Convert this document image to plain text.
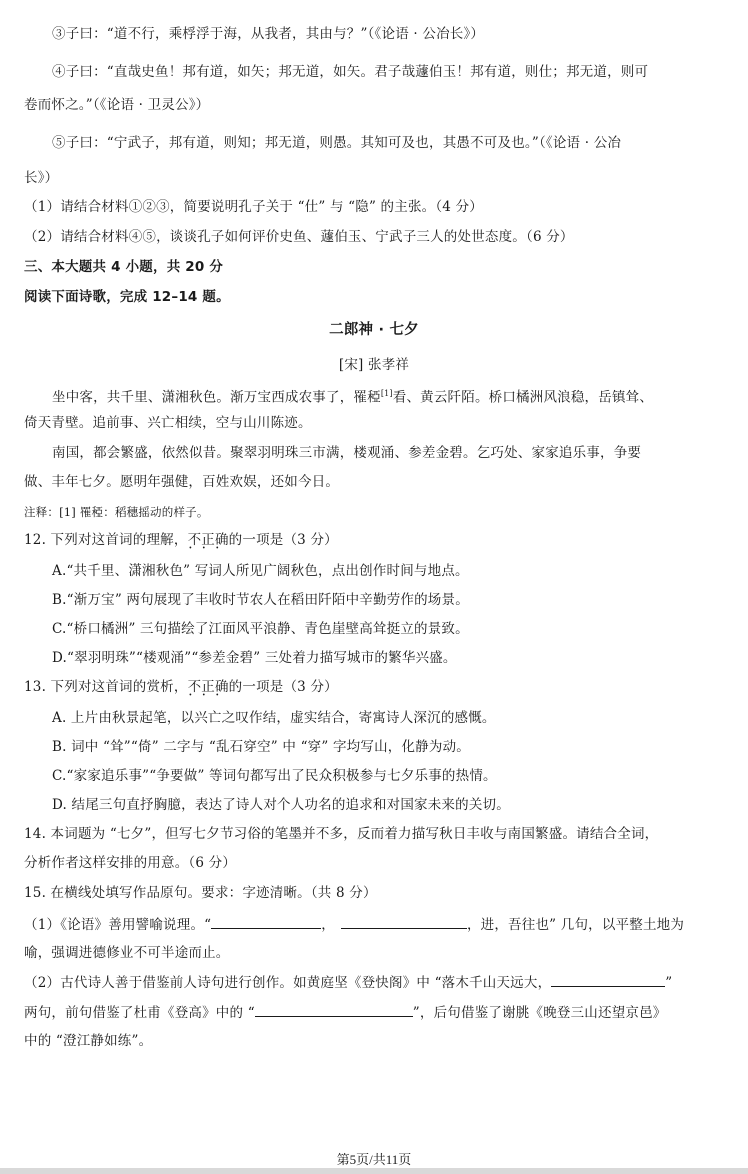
③子曰：“道不行，乘桴浮于海，从我者，其由与？”（《论语 · 公冶长》）
④子曰：“直哉史鱼！邦有道，如矢；邦无道，如矢。君子哉蘧伯玉！邦有道，则仕；邦无道，则可
卷而怀之。”（《论语 · 卫灵公》）
⑤子曰：“宁武子，邦有道，则知；邦无道，则愚。其知可及也，其愚不可及也。”（《论语 · 公冶
长》）
（1）请结合材料①②③，简要说明孔子关于 “仕” 与 “隐” 的主张。（4 分）
（2）请结合材料④⑤，谈谈孔子如何评价史鱼、蘧伯玉、宁武子三人的处世态度。（6 分）
三、本大题共 4 小题，共 20 分
阅读下面诗歌，完成 12–14 题。
二郎神 · 七夕
[宋] 张孝祥
坐中客，共千里、潇湘秋色。渐万宝西成农事了，罹稏[1]看、黄云阡陌。桥口橘洲风浪稳，岳镇耸、
倚天青壁。追前事、兴亡相续，空与山川陈迹。
南国，都会繁盛，依然似昔。聚翠羽明珠三市满，楼观涌、参差金碧。乞巧处、家家追乐事，争要
做、丰年七夕。愿明年强健，百姓欢娱，还如今日。
注释：[1] 罹稏：稻穗摇动的样子。
12. 下列对这首词的理解，不正确 • • •的一项是（3 分）
A.“共千里、潇湘秋色” 写词人所见广阔秋色，点出创作时间与地点。
B.“渐万宝” 两句展现了丰收时节农人在稻田阡陌中辛勤劳作的场景。
C.“桥口橘洲” 三句描绘了江面风平浪静、青色崖壁高耸挺立的景致。
D.“翠羽明珠”“楼观涌”“参差金碧” 三处着力描写城市的繁华兴盛。
13. 下列对这首词的赏析，不正确 • • •的一项是（3 分）
A. 上片由秋景起笔，以兴亡之叹作结，虚实结合，寄寓诗人深沉的感慨。
B. 词中 “耸”“倚” 二字与 “乱石穿空” 中 “穿” 字均写山，化静为动。
C.“家家追乐事”“争要做” 等词句都写出了民众积极参与七夕乐事的热情。
D. 结尾三句直抒胸臆，表达了诗人对个人功名的追求和对国家未来的关切。
14. 本词题为 “七夕”，但写七夕节习俗的笔墨并不多，反而着力描写秋日丰收与南国繁盛。请结合全词，
分析作者这样安排的用意。（6 分）
15. 在横线处填写作品原句。要求：字迹清晰。（共 8 分）
（1）《论语》善用譬喻说理。“	，	，进，吾往也” 几句，以平整土地为
喻，强调进德修业不可半途而止。
（2）古代诗人善于借鉴前人诗句进行创作。如黄庭坚《登快阁》中 “落木千山天远大，	”
两句，前句借鉴了杜甫《登高》中的 “	”，后句借鉴了谢朓《晚登三山还望京邑》
中的 “澄江静如练”。
第5页/共11页
